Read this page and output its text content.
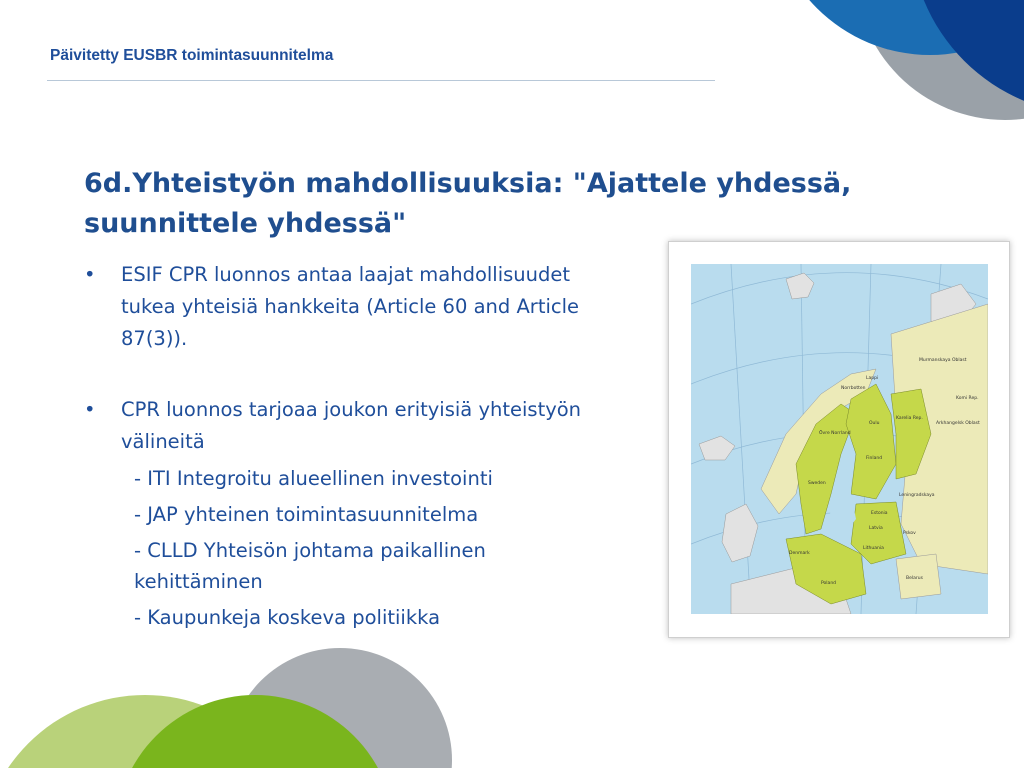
Päivitetty EUSBR toimintasuunnitelma
6d.Yhteistyön mahdollisuuksia: "Ajattele yhdessä,
suunnittele yhdessä"
• ESIF CPR luonnos antaa laajat mahdollisuudet
tukea yhteisiä hankkeita (Article 60 and Article
87(3)).
• CPR luonnos tarjoaa joukon erityisiä yhteistyön
välineitä
- ITI Integroitu alueellinen investointi
- JAP yhteinen toimintasuunnitelma
- CLLD Yhteisön johtama paikallinen
kehittäminen
- Kaupunkeja koskeva politiikka
Murmanskaya Oblast
Karelia Rep.
Komi Rep.
Arkhangelsk Oblast
Norrbotten
Lappi
Oulu
Övre Norrland
Finland
Estonia
Latvia
Lithuania
Belarus
Denmark
Sweden
Poland
Pskov
Leningradskaya
